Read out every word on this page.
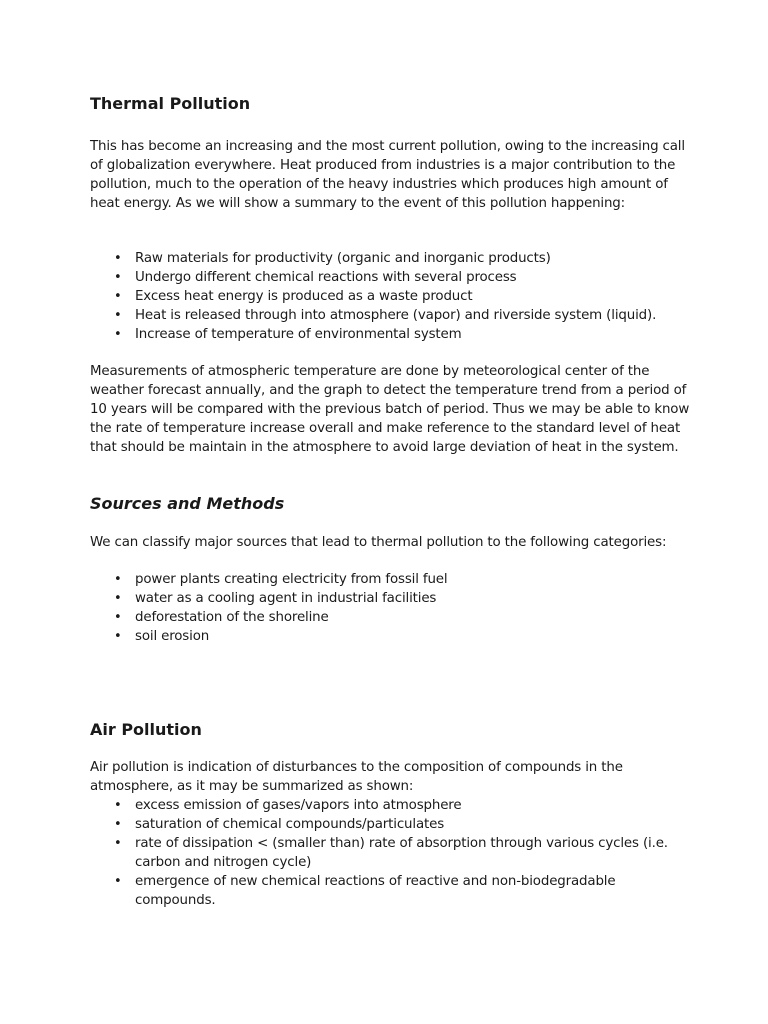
Thermal Pollution

This has become an increasing and the most current pollution, owing to the increasing call of globalization everywhere. Heat produced from industries is a major contribution to the pollution, much to the operation of the heavy industries which produces high amount of heat energy. As we will show a summary to the event of this pollution happening:

• Raw materials for productivity (organic and inorganic products)
• Undergo different chemical reactions with several process
• Excess heat energy is produced as a waste product
• Heat is released through into atmosphere (vapor) and riverside system (liquid).
• Increase of temperature of environmental system

Measurements of atmospheric temperature are done by meteorological center of the weather forecast annually, and the graph to detect the temperature trend from a period of 10 years will be compared with the previous batch of period. Thus we may be able to know the rate of temperature increase overall and make reference to the standard level of heat that should be maintain in the atmosphere to avoid large deviation of heat in the system.

Sources and Methods

We can classify major sources that lead to thermal pollution to the following categories:

• power plants creating electricity from fossil fuel
• water as a cooling agent in industrial facilities
• deforestation of the shoreline
• soil erosion
Air Pollution

Air pollution is indication of disturbances to the composition of compounds in the atmosphere, as it may be summarized as shown:

• excess emission of gases/vapors into atmosphere
• saturation of chemical compounds/particulates
• rate of dissipation < (smaller than) rate of absorption through various cycles (i.e. carbon and nitrogen cycle)
• emergence of new chemical reactions of reactive and non-biodegradable compounds.
